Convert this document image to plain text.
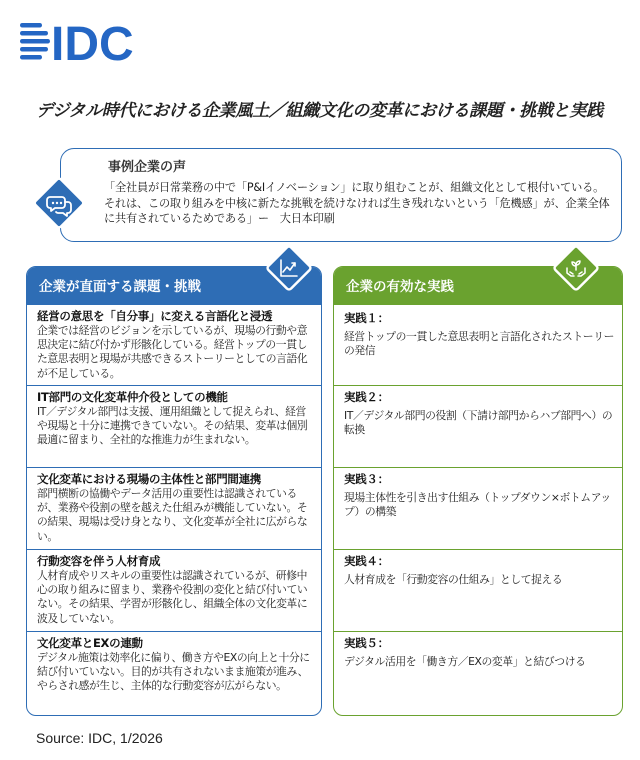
IDC
デジタル時代における企業風土／組織文化の変革における課題・挑戦と実践
事例企業の声
「全社員が日常業務の中で「P&Iイノベーション」に取り組むことが、組織文化として根付いている。それは、この取り組みを中核に新たな挑戦を続けなければ生き残れないという「危機感」が、企業全体に共有されているためである」ー　大日本印刷
企業が直面する課題・挑戦
経営の意思を「自分事」に変える言語化と浸透
企業では経営のビジョンを示しているが、現場の行動や意思決定に結び付かず形骸化している。経営トップの一貫した意思表明と現場が共感できるストーリーとしての言語化が不足している。
IT部門の文化変革仲介役としての機能
IT／デジタル部門は支援、運用組織として捉えられ、経営や現場と十分に連携できていない。その結果、変革は個別最適に留まり、全社的な推進力が生まれない。
文化変革における現場の主体性と部門間連携
部門横断の協働やデータ活用の重要性は認識されているが、業務や役割の壁を越えた仕組みが機能していない。その結果、現場は受け身となり、文化変革が全社に広がらない。
行動変容を伴う人材育成
人材育成やリスキルの重要性は認識されているが、研修中心の取り組みに留まり、業務や役割の変化と結び付いていない。その結果、学習が形骸化し、組織全体の文化変革に波及していない。
文化変革とEXの連動
デジタル施策は効率化に偏り、働き方やEXの向上と十分に結び付いていない。目的が共有されないまま施策が進み、やらされ感が生じ、主体的な行動変容が広がらない。
企業の有効な実践
実践１：
経営トップの一貫した意思表明と言語化されたストーリーの発信
実践２：
IT／デジタル部門の役割（下請け部門からハブ部門へ）の転換
実践３：
現場主体性を引き出す仕組み（トップダウン×ボトムアップ）の構築
実践４：
人材育成を「行動変容の仕組み」として捉える
実践５：
デジタル活用を「働き方／EXの変革」と結びつける
Source: IDC, 1/2026
